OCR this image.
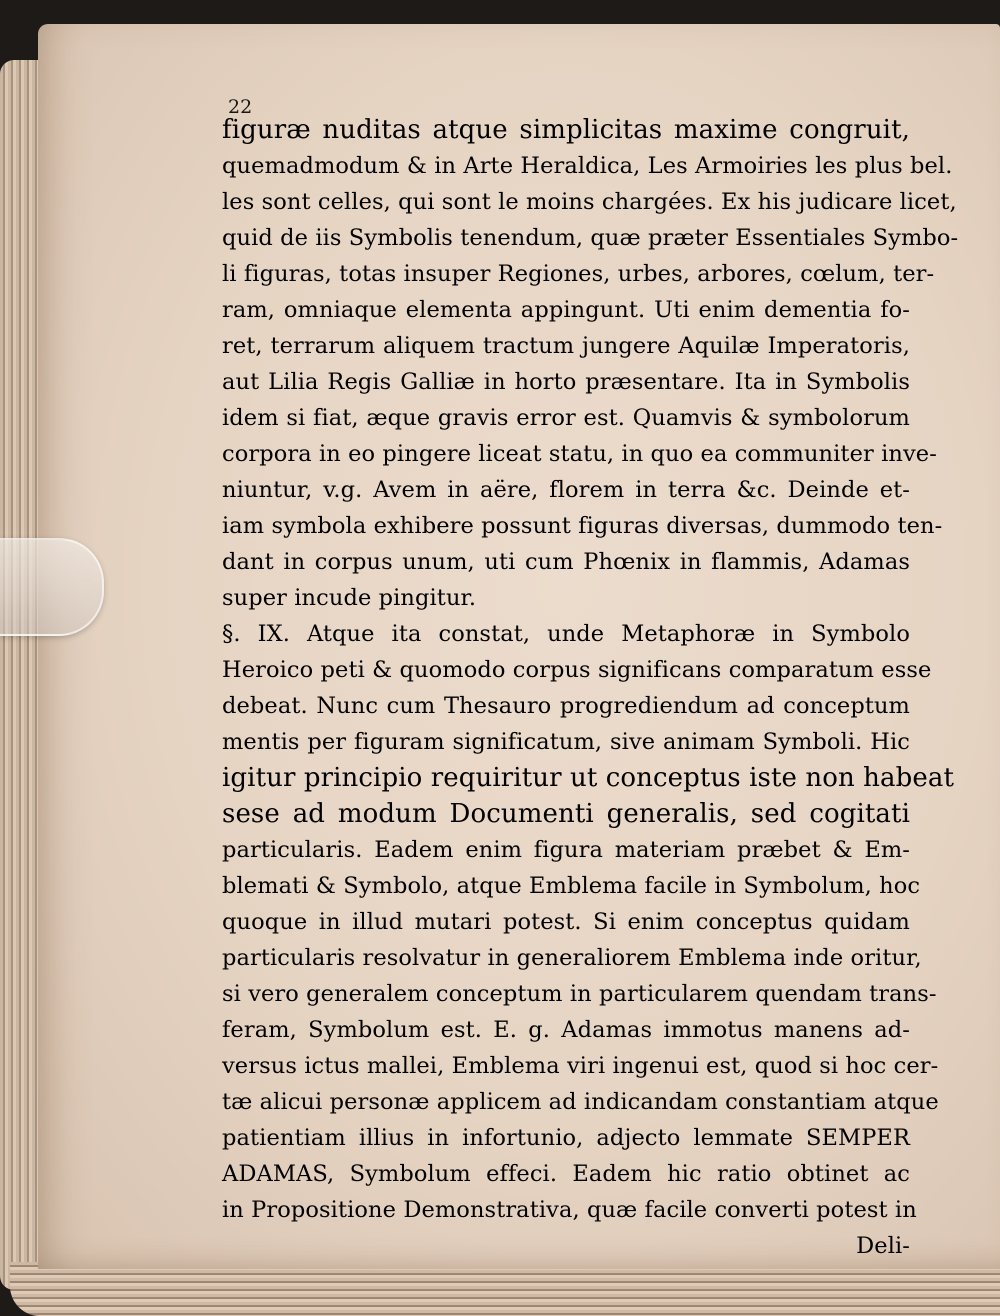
22
figuræ nuditas atque simplicitas maxime congruit,
quemadmodum & in Arte Heraldica, Les Armoiries les plus bel.
les sont celles, qui sont le moins chargées. Ex his judicare licet,
quid de iis Symbolis tenendum, quæ præter Essentiales Symbo-
li figuras, totas insuper Regiones, urbes, arbores, cœlum, ter-
ram, omniaque elementa appingunt. Uti enim dementia fo-
ret, terrarum aliquem tractum jungere Aquilæ Imperatoris,
aut Lilia Regis Galliæ in horto præsentare. Ita in Symbolis
idem si fiat, æque gravis error est. Quamvis & symbolorum
corpora in eo pingere liceat statu, in quo ea communiter inve-
niuntur, v.g. Avem in aëre, florem in terra &c. Deinde et-
iam symbola exhibere possunt figuras diversas, dummodo ten-
dant in corpus unum, uti cum Phœnix in flammis, Adamas
super incude pingitur.
§. IX. Atque ita constat, unde Metaphoræ in Symbolo
Heroico peti & quomodo corpus significans comparatum esse
debeat. Nunc cum Thesauro progrediendum ad conceptum
mentis per figuram significatum, sive animam Symboli. Hic
igitur principio requiritur ut conceptus iste non habeat
sese ad modum Documenti generalis, sed cogitati
particularis. Eadem enim figura materiam præbet & Em-
blemati & Symbolo, atque Emblema facile in Symbolum, hoc
quoque in illud mutari potest. Si enim conceptus quidam
particularis resolvatur in generaliorem Emblema inde oritur,
si vero generalem conceptum in particularem quendam trans-
feram, Symbolum est. E. g. Adamas immotus manens ad-
versus ictus mallei, Emblema viri ingenui est, quod si hoc cer-
tæ alicui personæ applicem ad indicandam constantiam atque
patientiam illius in infortunio, adjecto lemmate SEMPER
ADAMAS, Symbolum effeci. Eadem hic ratio obtinet ac
in Propositione Demonstrativa, quæ facile converti potest in
Deli-
